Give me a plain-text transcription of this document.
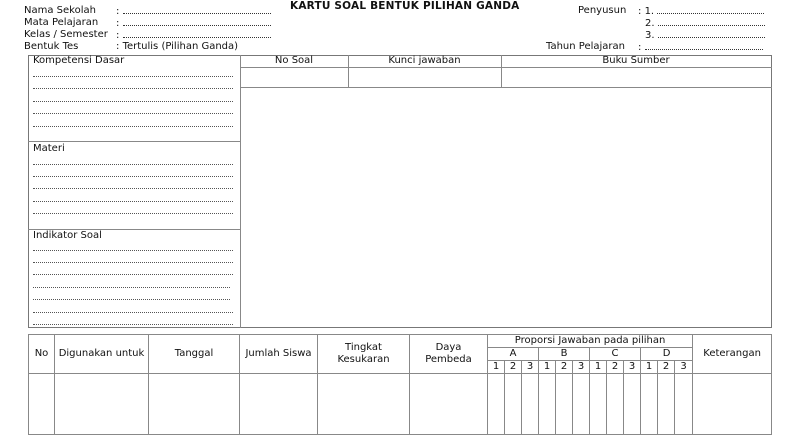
KARTU SOAL BENTUK PILIHAN GANDA
Nama Sekolah :
Mata Pelajaran :
Kelas / Semester :
Bentuk Tes	: Tertulis (Pilihan Ganda)
Penyusun : 1.
2.
3.
Tahun Pelajaran :
No Soal	Kunci jawaban	Buku Sumber
Kompetensi Dasar
Materi
Indikator Soal
No	Digunakan untuk	Tanggal	Jumlah Siswa	Tingkat Kesukaran	Daya Pembeda	Proporsi Jawaban pada pilihan												Keterangan
						A			B			C			D			
						1	2	3	1	2	3	1	2	3	1	2	3	
